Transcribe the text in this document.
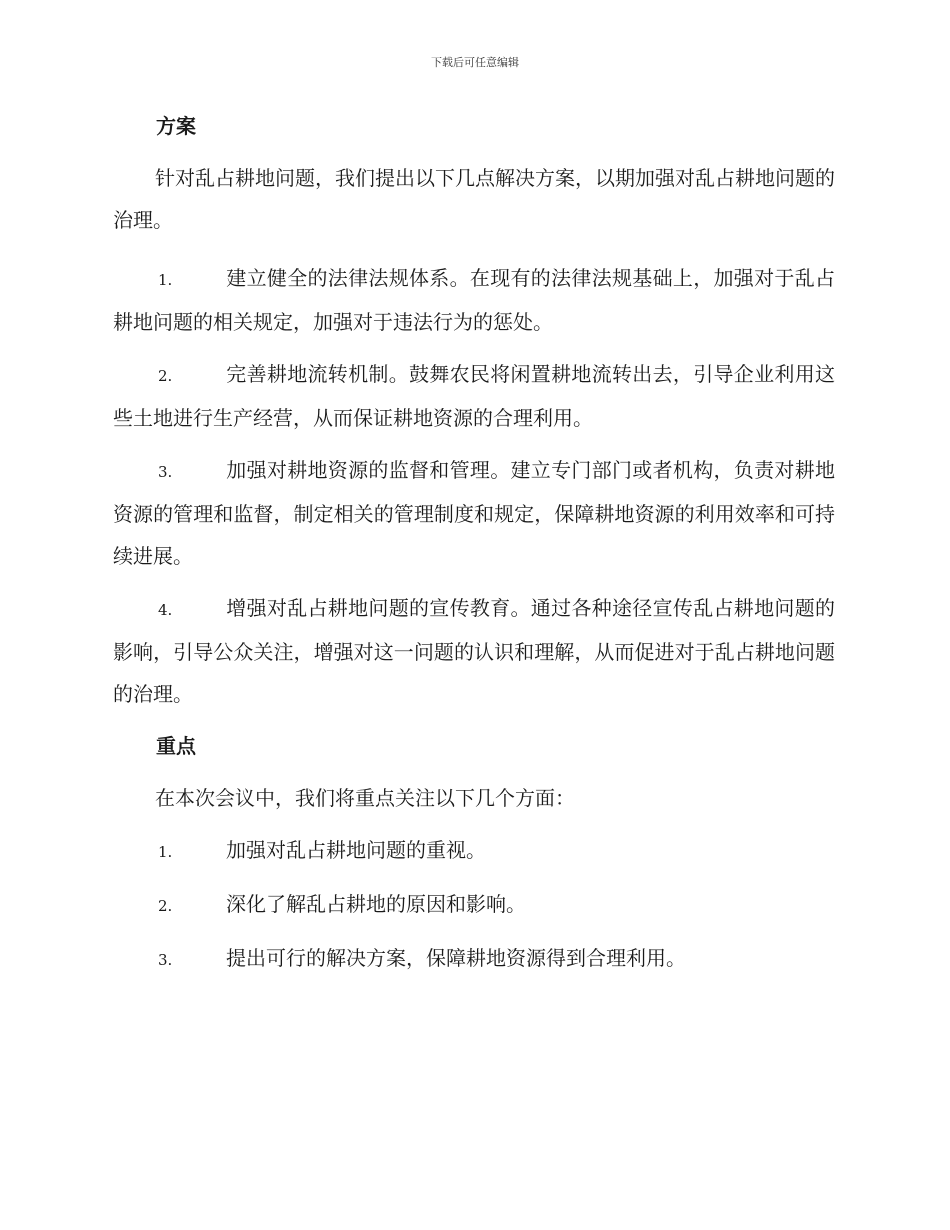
下载后可任意编辑
方案

针对乱占耕地问题，我们提出以下几点解决方案，以期加强对乱占耕地问题的治理。

1.	建立健全的法律法规体系。在现有的法律法规基础上，加强对于乱占耕地问题的相关规定，加强对于违法行为的惩处。
2.	完善耕地流转机制。鼓舞农民将闲置耕地流转出去，引导企业利用这些土地进行生产经营，从而保证耕地资源的合理利用。
3.	加强对耕地资源的监督和管理。建立专门部门或者机构，负责对耕地资源的管理和监督，制定相关的管理制度和规定，保障耕地资源的利用效率和可持续进展。
4.	增强对乱占耕地问题的宣传教育。通过各种途径宣传乱占耕地问题的影响，引导公众关注，增强对这一问题的认识和理解，从而促进对于乱占耕地问题的治理。
重点

在本次会议中，我们将重点关注以下几个方面：

1.	加强对乱占耕地问题的重视。
2.	深化了解乱占耕地的原因和影响。
3.	提出可行的解决方案，保障耕地资源得到合理利用。
